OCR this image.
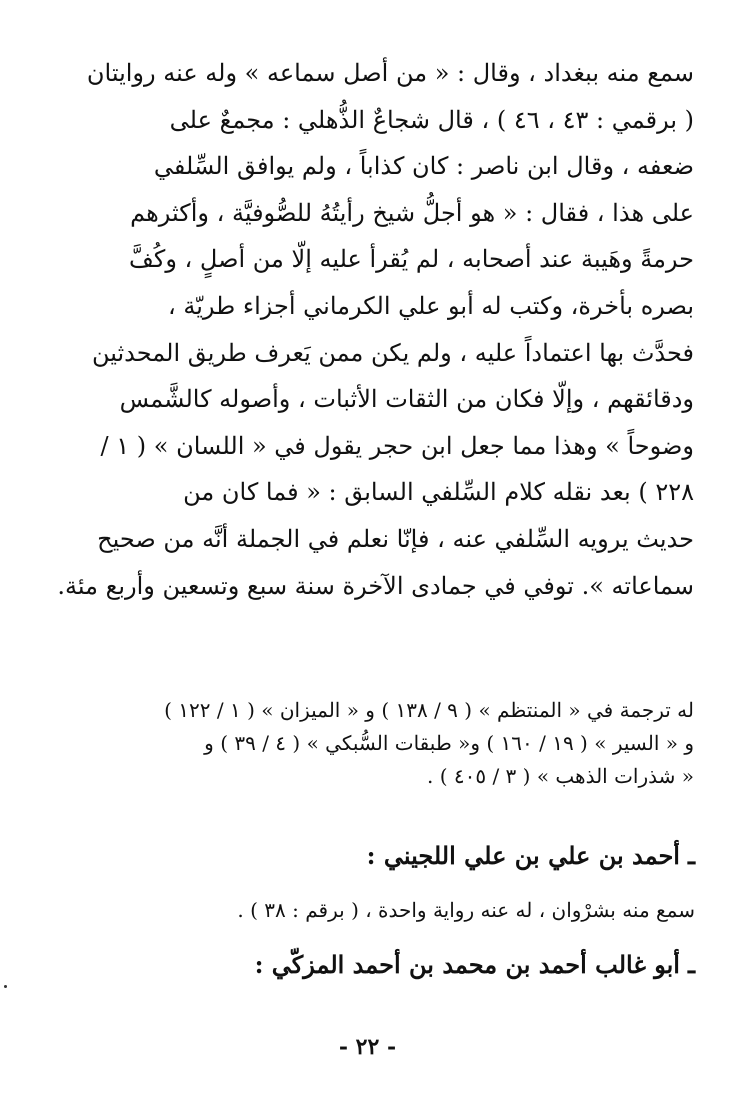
سمع منه ببغداد ، وقال : « من أصل سماعه » وله عنه روايتان

( برقمي : ٤٣ ، ٤٦ ) ، قال شجاعٌ الذُّهلي : مجمعٌ على

ضعفه ، وقال ابن ناصر : كان كذاباً ، ولم يوافق السِّلفي

على هذا ، فقال : « هو أجلُّ شيخ رأيتُهُ للصُّوفيَّة ، وأكثرهم

حرمةً وهَيبة عند أصحابه ، لم يُقرأ عليه إلّا من أصلٍ ، وكُفَّ

بصره بأخرة، وكتب له أبو علي الكرماني أجزاء طريّة ،

فحدَّث بها اعتماداً عليه ، ولم يكن ممن يَعرف طريق المحدثين

ودقائقهم ، وإلّا فكان من الثقات الأثبات ، وأصوله كالشَّمس

وضوحاً » وهذا مما جعل ابن حجر يقول في « اللسان » ( ١ /

٢٢٨ ) بعد نقله كلام السِّلفي السابق : « فما كان من

حديث يرويه السِّلفي عنه ، فإنّا نعلم في الجملة أنَّه من صحيح

سماعاته ». توفي في جمادى الآخرة سنة سبع وتسعين وأربع مئة.

له ترجمة في « المنتظم » ( ٩ / ١٣٨ ) و « الميزان » ( ١ / ١٢٢ )
و « السير » ( ١٩ / ١٦٠ ) و« طبقات السُّبكي » ( ٤ / ٣٩ ) و
« شذرات الذهب » ( ٣ / ٤٠٥ ) .
ـأحمد بن علي بن علي اللجيني :
سمع منه بشرْوان ، له عنه رواية واحدة ، ( برقم : ٣٨ ) .
ـأبو غالب أحمد بن محمد بن أحمد المزكّي :
- ٢٢ -
